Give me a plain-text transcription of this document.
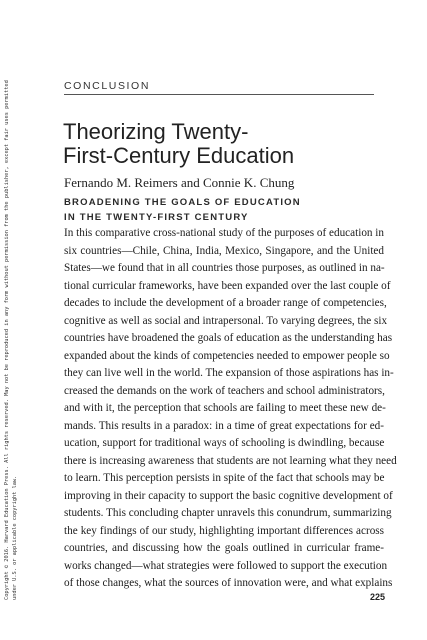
Copyright © 2016. Harvard Education Press. All rights reserved. May not be reproduced in any form without permission from the publisher, except fair uses permitted under U.S. or applicable copyright law.
CONCLUSION
Theorizing Twenty-
First-Century Education
Fernando M. Reimers and Connie K. Chung
BROADENING THE GOALS OF EDUCATION
IN THE TWENTY-FIRST CENTURY
In this comparative cross-national study of the purposes of education in
six countries—Chile, China, India, Mexico, Singapore, and the United
States—we found that in all countries those purposes, as outlined in na-
tional curricular frameworks, have been expanded over the last couple of
decades to include the development of a broader range of competencies,
cognitive as well as social and intrapersonal. To varying degrees, the six
countries have broadened the goals of education as the understanding has
expanded about the kinds of competencies needed to empower people so
they can live well in the world. The expansion of those aspirations has in-
creased the demands on the work of teachers and school administrators,
and with it, the perception that schools are failing to meet these new de-
mands. This results in a paradox: in a time of great expectations for ed-
ucation, support for traditional ways of schooling is dwindling, because
there is increasing awareness that students are not learning what they need
to learn. This perception persists in spite of the fact that schools may be
improving in their capacity to support the basic cognitive development of
students. This concluding chapter unravels this conundrum, summarizing
the key findings of our study, highlighting important differences across
countries, and discussing how the goals outlined in curricular frame-
works changed—what strategies were followed to support the execution
of those changes, what the sources of innovation were, and what explains
225
